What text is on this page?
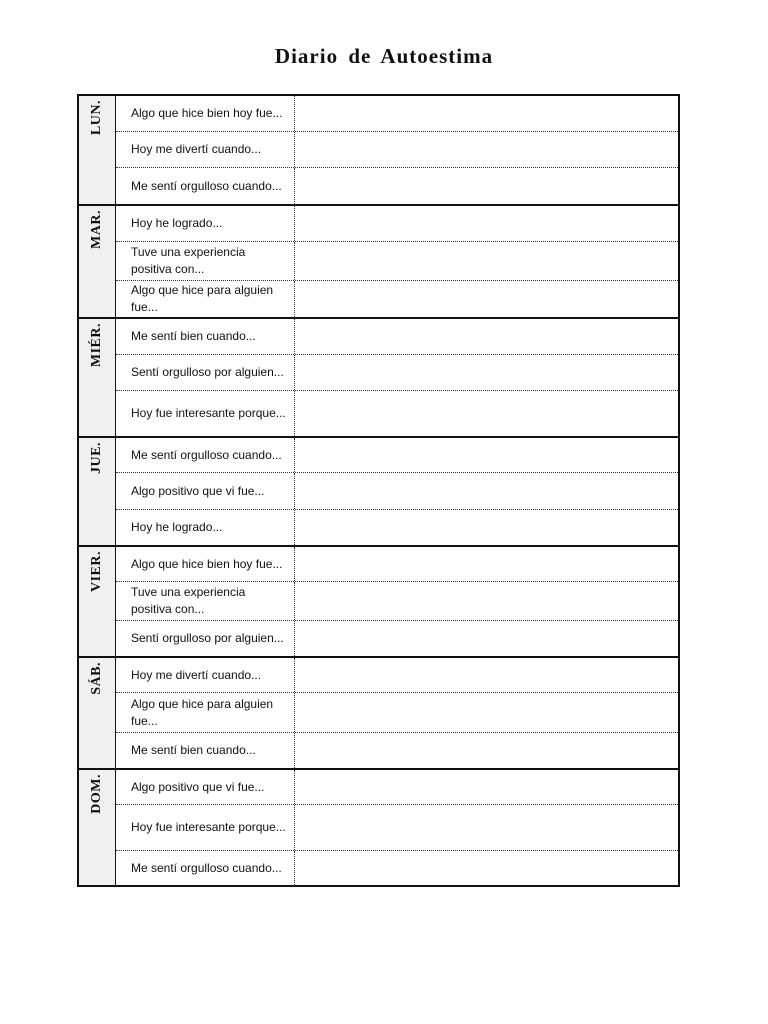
Diario de Autoestima
LUN. Algo que hice bien hoy fue...
Hoy me divertí cuando...
Me sentí orgulloso cuando...
MAR. Hoy he logrado...
Tuve una experiencia positiva con...
Algo que hice para alguien fue...
MIÉR. Me sentí bien cuando...
Sentí orgulloso por alguien...
Hoy fue interesante porque...
JUE. Me sentí orgulloso cuando...
Algo positivo que vi fue...
Hoy he logrado...
VIER. Algo que hice bien hoy fue...
Tuve una experiencia positiva con...
Sentí orgulloso por alguien...
SÁB. Hoy me divertí cuando...
Algo que hice para alguien fue...
Me sentí bien cuando...
DOM. Algo positivo que vi fue...
Hoy fue interesante porque...
Me sentí orgulloso cuando...
